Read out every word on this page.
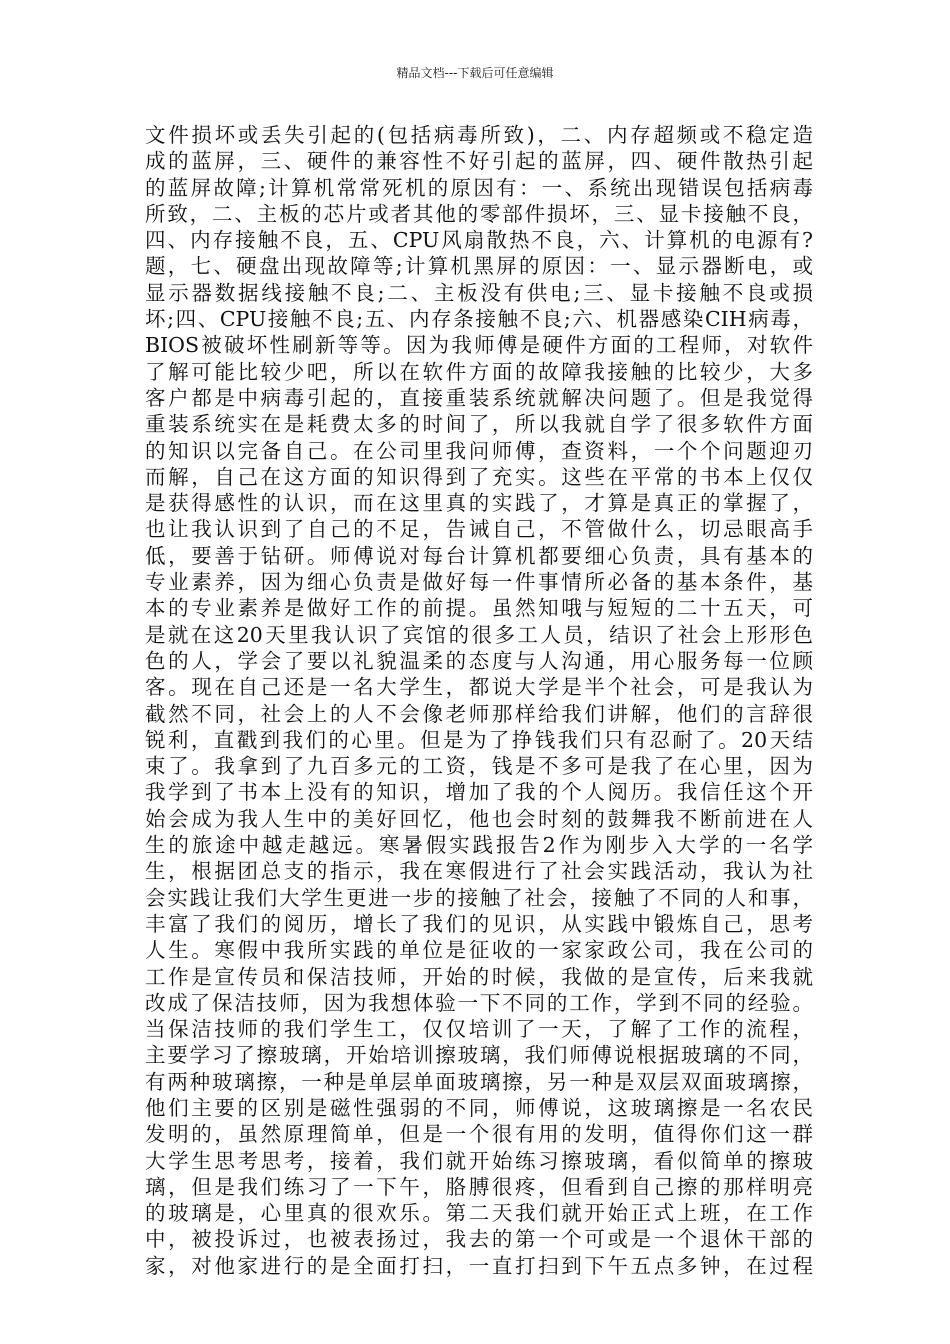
精品文档---下载后可任意编辑
文件损坏或丢失引起的(包括病毒所致)，二、内存超频或不稳定造
成的蓝屏，三、硬件的兼容性不好引起的蓝屏，四、硬件散热引起
的蓝屏故障;计算机常常死机的原因有：一、系统出现错误包括病毒
所致，二、主板的芯片或者其他的零部件损坏，三、显卡接触不良，
四、内存接触不良，五、CPU风扇散热不良，六、计算机的电源有?
题，七、硬盘出现故障等;计算机黑屏的原因：一、显示器断电，或
显示器数据线接触不良;二、主板没有供电;三、显卡接触不良或损
坏;四、CPU接触不良;五、内存条接触不良;六、机器感染CIH病毒，
BIOS被破坏性刷新等等。因为我师傅是硬件方面的工程师，对软件
了解可能比较少吧，所以在软件方面的故障我接触的比较少，大多
客户都是中病毒引起的，直接重装系统就解决问题了。但是我觉得
重装系统实在是耗费太多的时间了，所以我就自学了很多软件方面
的知识以完备自己。在公司里我问师傅，查资料，一个个问题迎刃
而解，自己在这方面的知识得到了充实。这些在平常的书本上仅仅
是获得感性的认识，而在这里真的实践了，才算是真正的掌握了，
也让我认识到了自己的不足，告诫自己，不管做什么，切忌眼高手
低，要善于钻研。师傅说对每台计算机都要细心负责，具有基本的
专业素养，因为细心负责是做好每一件事情所必备的基本条件，基
本的专业素养是做好工作的前提。虽然知哦与短短的二十五天，可
是就在这20天里我认识了宾馆的很多工人员，结识了社会上形形色
色的人，学会了要以礼貌温柔的态度与人沟通，用心服务每一位顾
客。现在自己还是一名大学生，都说大学是半个社会，可是我认为
截然不同，社会上的人不会像老师那样给我们讲解，他们的言辞很
锐利，直戳到我们的心里。但是为了挣钱我们只有忍耐了。20天结
束了。我拿到了九百多元的工资，钱是不多可是我了在心里，因为
我学到了书本上没有的知识，增加了我的个人阅历。我信任这个开
始会成为我人生中的美好回忆，他也会时刻的鼓舞我不断前进在人
生的旅途中越走越远。寒暑假实践报告2作为刚步入大学的一名学
生，根据团总支的指示，我在寒假进行了社会实践活动，我认为社
会实践让我们大学生更进一步的接触了社会，接触了不同的人和事，
丰富了我们的阅历，增长了我们的见识，从实践中锻炼自己，思考
人生。寒假中我所实践的单位是征收的一家家政公司，我在公司的
工作是宣传员和保洁技师，开始的时候，我做的是宣传，后来我就
改成了保洁技师，因为我想体验一下不同的工作，学到不同的经验。
当保洁技师的我们学生工，仅仅培训了一天，了解了工作的流程，
主要学习了擦玻璃，开始培训擦玻璃，我们师傅说根据玻璃的不同，
有两种玻璃擦，一种是单层单面玻璃擦，另一种是双层双面玻璃擦，
他们主要的区别是磁性强弱的不同，师傅说，这玻璃擦是一名农民
发明的，虽然原理简单，但是一个很有用的发明，值得你们这一群
大学生思考思考，接着，我们就开始练习擦玻璃，看似简单的擦玻
璃，但是我们练习了一下午，胳膊很疼，但看到自己擦的那样明亮
的玻璃是，心里真的很欢乐。第二天我们就开始正式上班，在工作
中，被投诉过，也被表扬过，我去的第一个可或是一个退休干部的
家，对他家进行的是全面打扫，一直打扫到下午五点多钟，在过程
